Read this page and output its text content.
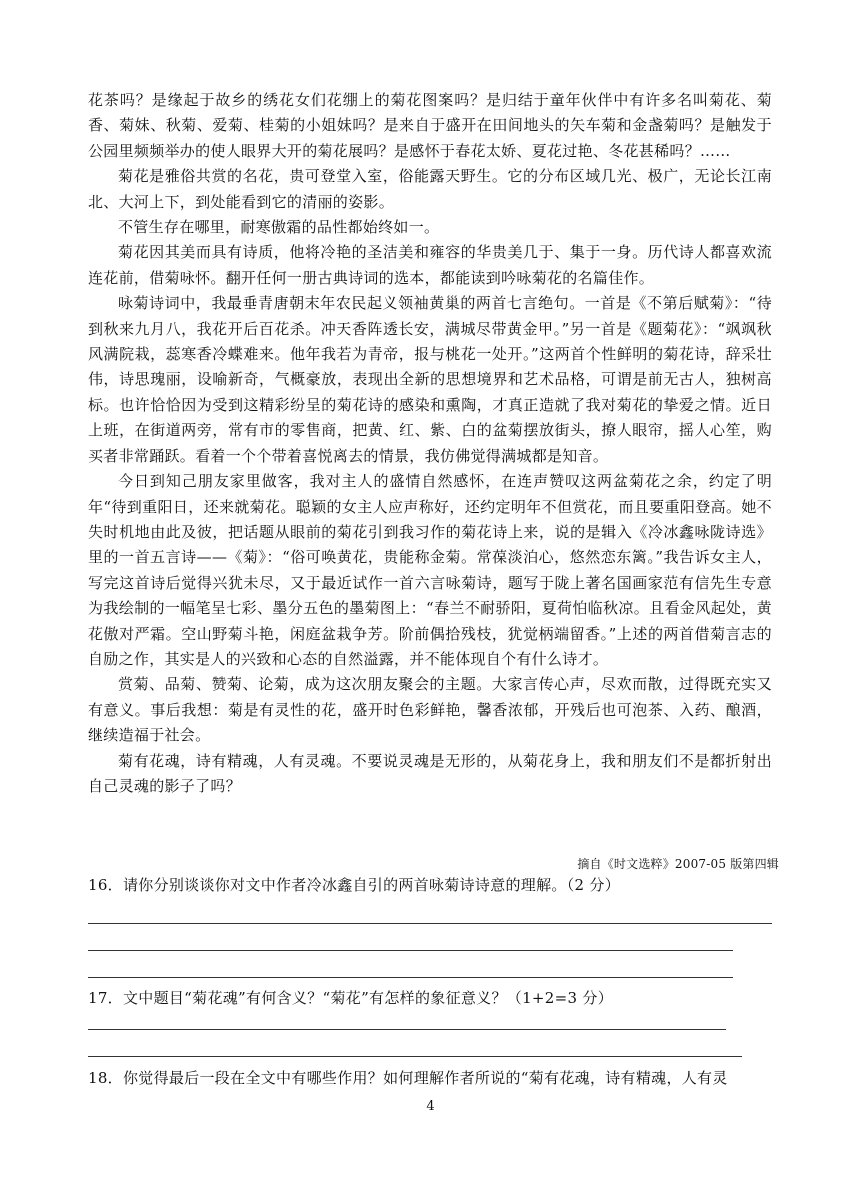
花茶吗？是缘起于故乡的绣花女们花绷上的菊花图案吗？是归结于童年伙伴中有许多名叫菊花、菊香、菊妹、秋菊、爱菊、桂菊的小姐妹吗？是来自于盛开在田间地头的矢车菊和金盏菊吗？是触发于公园里频频举办的使人眼界大开的菊花展吗？是感怀于春花太娇、夏花过艳、冬花甚稀吗？……

菊花是雅俗共赏的名花，贵可登堂入室，俗能露天野生。它的分布区域几光、极广，无论长江南北、大河上下，到处能看到它的清丽的姿影。

不管生存在哪里，耐寒傲霜的品性都始终如一。

菊花因其美而具有诗质，他将冷艳的圣洁美和雍容的华贵美几于、集于一身。历代诗人都喜欢流连花前，借菊咏怀。翻开任何一册古典诗词的选本，都能读到吟咏菊花的名篇佳作。

咏菊诗词中，我最垂青唐朝末年农民起义领袖黄巢的两首七言绝句。一首是《不第后赋菊》：“待到秋来九月八，我花开后百花杀。冲天香阵透长安，满城尽带黄金甲。”另一首是《题菊花》：“飒飒秋风满院栽，蕊寒香冷蝶难来。他年我若为青帝，报与桃花一处开。”这两首个性鲜明的菊花诗，辞采壮伟，诗思瑰丽，设喻新奇，气概豪放，表现出全新的思想境界和艺术品格，可谓是前无古人，独树高标。也许恰恰因为受到这精彩纷呈的菊花诗的感染和熏陶，才真正造就了我对菊花的挚爱之情。近日上班，在街道两旁，常有市的零售商，把黄、红、紫、白的盆菊摆放街头，撩人眼帘，摇人心笙，购买者非常踊跃。看着一个个带着喜悦离去的情景，我仿佛觉得满城都是知音。

今日到知己朋友家里做客，我对主人的盛情自然感怀，在连声赞叹这两盆菊花之余，约定了明年“待到重阳日，还来就菊花。聪颖的女主人应声称好，还约定明年不但赏花，而且要重阳登高。她不失时机地由此及彼，把话题从眼前的菊花引到我习作的菊花诗上来，说的是辑入《冷冰鑫咏陇诗选》里的一首五言诗——《菊》：“俗可唤黄花，贵能称金菊。常葆淡泊心，悠然恋东篱。”我告诉女主人，写完这首诗后觉得兴犹未尽，又于最近试作一首六言咏菊诗，题写于陇上著名国画家范有信先生专意为我绘制的一幅笔呈七彩、墨分五色的墨菊图上：“春兰不耐骄阳，夏荷怕临秋凉。且看金风起处，黄花傲对严霜。空山野菊斗艳，闲庭盆栽争芳。阶前偶拾残枝，犹觉柄端留香。”上述的两首借菊言志的自励之作，其实是人的兴致和心态的自然溢露，并不能体现自个有什么诗才。

赏菊、品菊、赞菊、论菊，成为这次朋友聚会的主题。大家言传心声，尽欢而散，过得既充实又有意义。事后我想：菊是有灵性的花，盛开时色彩鲜艳，馨香浓郁，开残后也可泡茶、入药、酿酒，继续造福于社会。

菊有花魂，诗有精魂，人有灵魂。不要说灵魂是无形的，从菊花身上，我和朋友们不是都折射出自己灵魂的影子了吗？

摘自《时文选粹》2007-05 版第四辑
16．请你分别谈谈你对文中作者冷冰鑫自引的两首咏菊诗诗意的理解。（2 分）
17．文中题目“菊花魂”有何含义？“菊花”有怎样的象征意义？（1+2=3 分）
18．你觉得最后一段在全文中有哪些作用？如何理解作者所说的“菊有花魂，诗有精魂，人有灵
4
